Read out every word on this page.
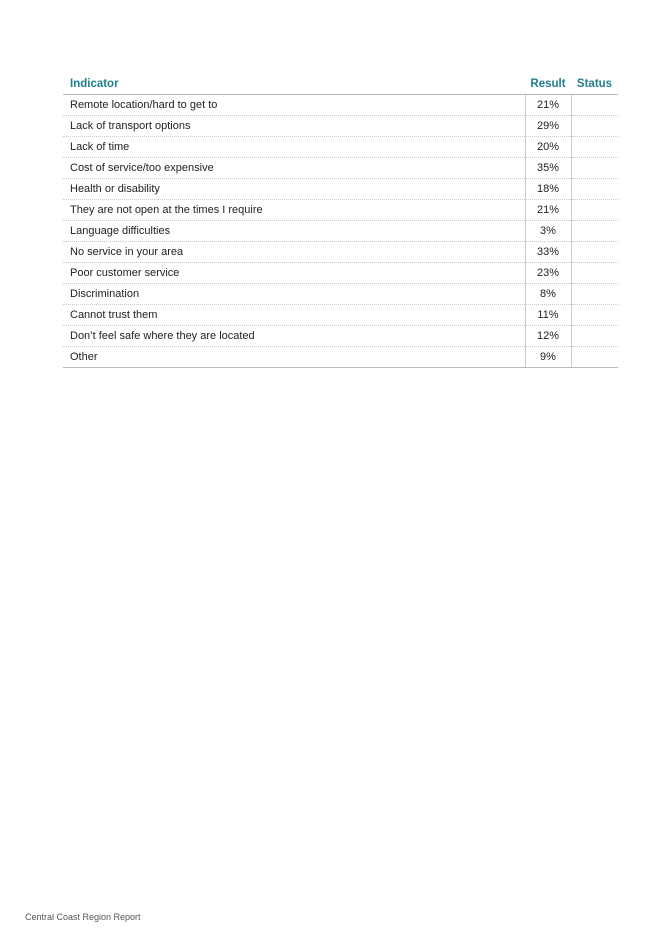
Indicator	Result	Status
Remote location/hard to get to	21%	
Lack of transport options	29%	
Lack of time	20%	
Cost of service/too expensive	35%	
Health or disability	18%	
They are not open at the times I require	21%	
Language difficulties	3%	
No service in your area	33%	
Poor customer service	23%	
Discrimination	8%	
Cannot trust them	11%	
Don’t feel safe where they are located	12%	
Other	9%	
Central Coast Region Report
